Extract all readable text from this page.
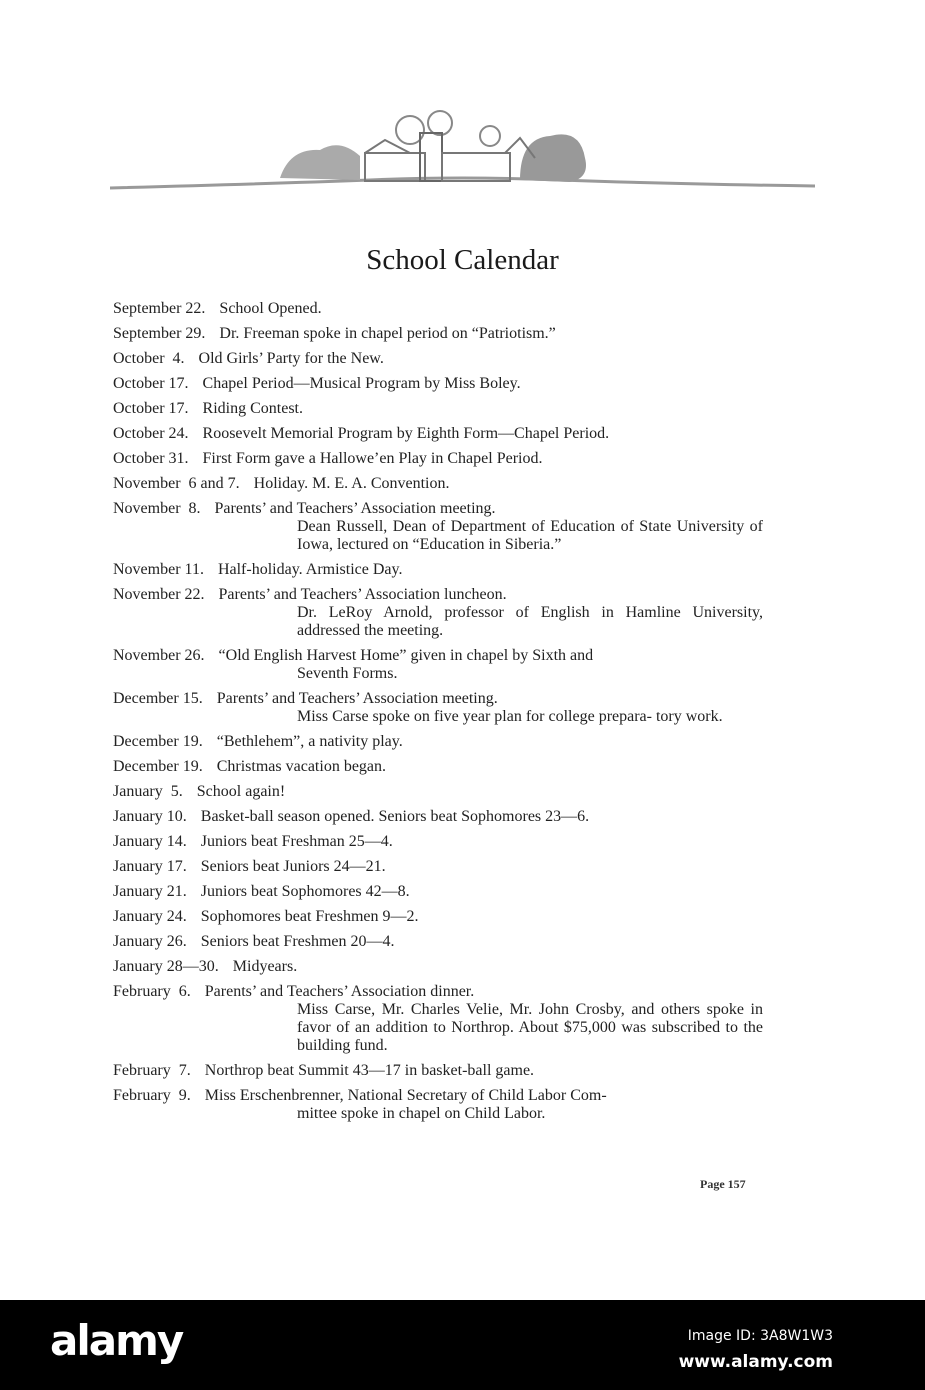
School Calendar
September 22. School Opened.
September 29. Dr. Freeman spoke in chapel period on “Patriotism.”
October  4. Old Girls’ Party for the New.
October 17. Chapel Period—Musical Program by Miss Boley.
October 17. Riding Contest.
October 24. Roosevelt Memorial Program by Eighth Form—Chapel Period.
October 31. First Form gave a Hallowe’en Play in Chapel Period.
November  6 and 7. Holiday. M. E. A. Convention.
November  8. Parents’ and Teachers’ Association meeting.
Dean Russell, Dean of Department of Education of State University of Iowa, lectured on “Education in Siberia.”
November 11. Half-holiday. Armistice Day.
November 22. Parents’ and Teachers’ Association luncheon.
Dr. LeRoy Arnold, professor of English in Hamline University, addressed the meeting.
November 26. “Old English Harvest Home” given in chapel by Sixth and
Seventh Forms.
December 15. Parents’ and Teachers’ Association meeting.
Miss Carse spoke on five year plan for college prepara- tory work.
December 19. “Bethlehem”, a nativity play.
December 19. Christmas vacation began.
January  5. School again!
January 10. Basket-ball season opened. Seniors beat Sophomores 23—6.
January 14. Juniors beat Freshman 25—4.
January 17. Seniors beat Juniors 24—21.
January 21. Juniors beat Sophomores 42—8.
January 24. Sophomores beat Freshmen 9—2.
January 26. Seniors beat Freshmen 20—4.
January 28—30. Midyears.
February  6. Parents’ and Teachers’ Association dinner.
Miss Carse, Mr. Charles Velie, Mr. John Crosby, and others spoke in favor of an addition to Northrop. About $75,000 was subscribed to the building fund.
February  7. Northrop beat Summit 43—17 in basket-ball game.
February  9. Miss Erschenbrenner, National Secretary of Child Labor Com-
mittee spoke in chapel on Child Labor.
Page 157
alamy	Image ID: 3A8W1W3
www.alamy.com
